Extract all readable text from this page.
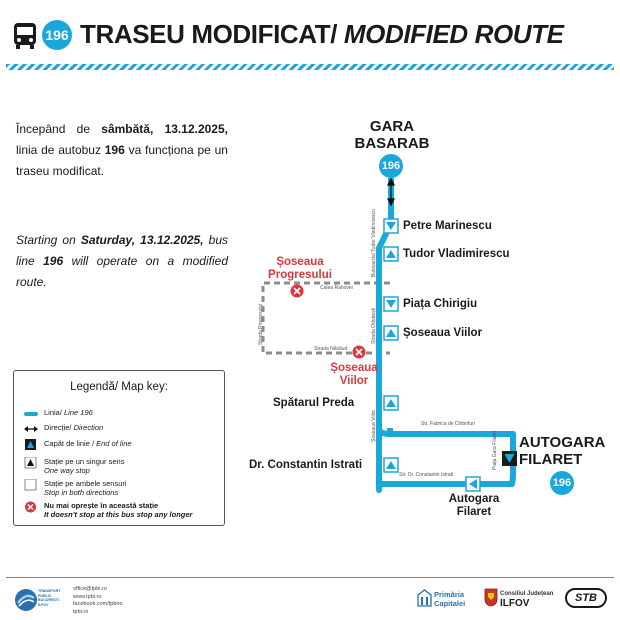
196 TRASEU MODIFICAT/ MODIFIED ROUTE
Începând de sâmbătă, 13.12.2025, linia de autobuz 196 va funcționa pe un traseu modificat.
Starting on Saturday, 13.12.2025, bus line 196 will operate on a modified route.
Legendă/ Map key:
Linia/ Line 196
Direcție/ Direction
Capăt de linie / End of line
Stație pe un singur sens
One way stop
Stație pe ambele sensuri
Stop in both directions
Nu mai oprește în această stație
It doesn't stop at this bus stop any longer
GARA
BASARAB
196
AUTOGARA
FILARET
196
Petre Marinescu
Tudor Vladimirescu
Piața Chirigiu
Șoseaua Viilor
Spătarul Preda
Dr. Constantin Istrati
Autogara
Filaret
Șoseaua
Progresului
Șoseaua
Viilor
Bulevardul Tudor Vladimirescu
Calea Rahovei
Strada Progresului
Strada Năsăud
Strada Odobești
Șoseaua Viilor	Str. Fabrica de Chibrituri
Str. Dr. Constantin Istrati
Piața Gara Filaret
TRANSPORT PUBLIC BUCUREȘTI ILFOV
office@tpbi.ro
www.tpbi.ro
facebook.com/tpbiro
tpbi.ro
Primăria
Capitalei
Consiliul Județean
ILFOV	STB
